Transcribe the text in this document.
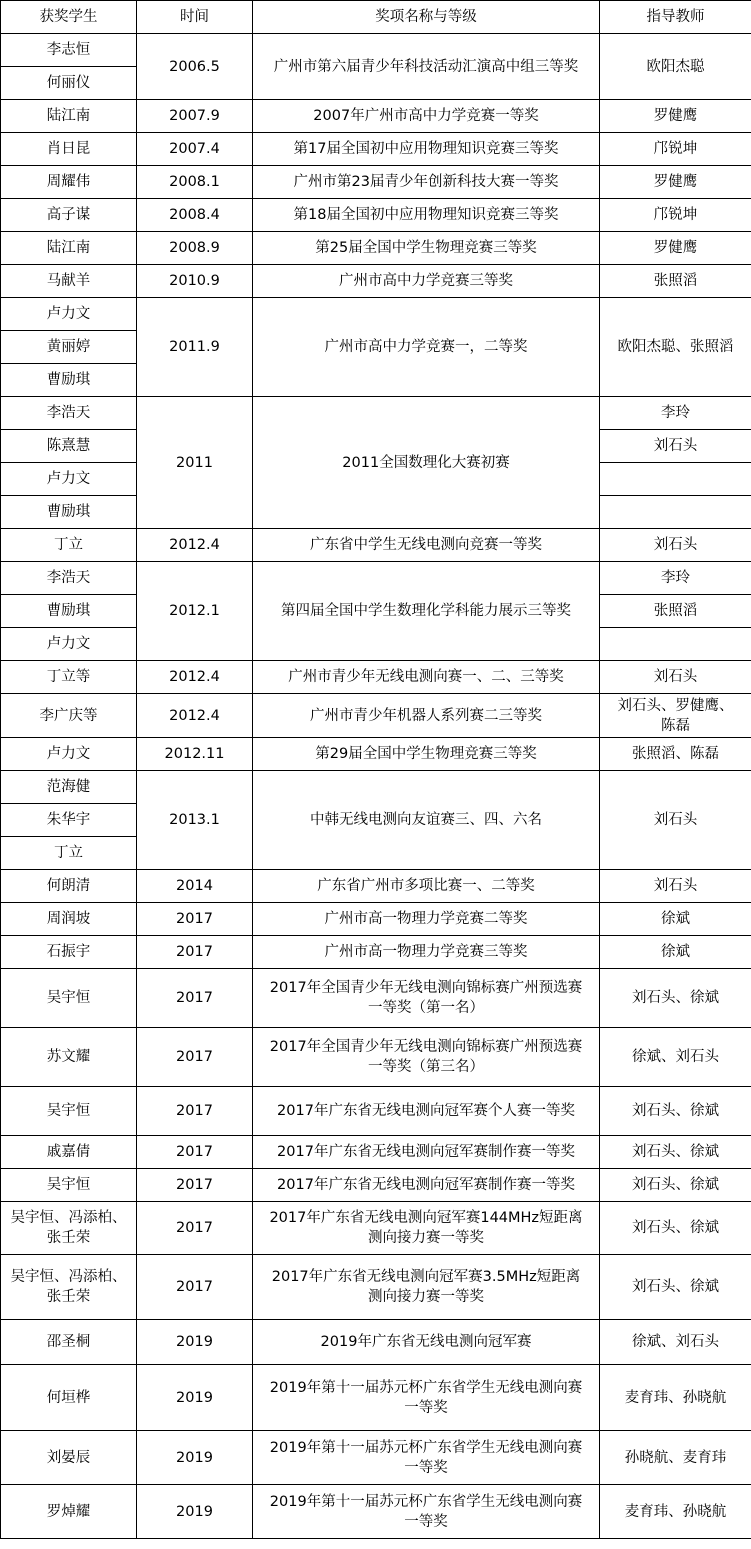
获奖学生	时间	奖项名称与等级	指导教师
李志恒	2006.5	广州市第六届青少年科技活动汇演高中组三等奖	欧阳杰聪
何丽仪			
陆江南	2007.9	2007年广州市高中力学竞赛一等奖	罗健鹰
肖日昆	2007.4	第17届全国初中应用物理知识竞赛三等奖	邝锐坤
周耀伟	2008.1	广州市第23届青少年创新科技大赛一等奖	罗健鹰
高子谋	2008.4	第18届全国初中应用物理知识竞赛三等奖	邝锐坤
陆江南	2008.9	第25届全国中学生物理竞赛三等奖	罗健鹰
马献羊	2010.9	广州市高中力学竞赛三等奖	张照滔
卢力文	2011.9	广州市高中力学竞赛一，二等奖	欧阳杰聪、张照滔
黄丽婷			
曹励琪			
李浩天	2011	2011全国数理化大赛初赛	李玲
陈熹慧			刘石头
卢力文			
曹励琪			
丁立	2012.4	广东省中学生无线电测向竞赛一等奖	刘石头
李浩天	2012.1	第四届全国中学生数理化学科能力展示三等奖	李玲
曹励琪			张照滔
卢力文			
丁立等	2012.4	广州市青少年无线电测向赛一、二、三等奖	刘石头
李广庆等	2012.4	广州市青少年机器人系列赛二三等奖	刘石头、罗健鹰、
陈磊
卢力文	2012.11	第29届全国中学生物理竞赛三等奖	张照滔、陈磊
范海健	2013.1	中韩无线电测向友谊赛三、四、六名	刘石头
朱华宇			
丁立			
何朗清	2014	广东省广州市多项比赛一、二等奖	刘石头
周润坡	2017	广州市高一物理力学竞赛二等奖	徐斌
石振宇	2017	广州市高一物理力学竞赛三等奖	徐斌
吴宇恒	2017	2017年全国青少年无线电测向锦标赛广州预选赛
一等奖（第一名）	刘石头、徐斌
苏文耀	2017	2017年全国青少年无线电测向锦标赛广州预选赛
一等奖（第三名）	徐斌、刘石头
吴宇恒	2017	2017年广东省无线电测向冠军赛个人赛一等奖	刘石头、徐斌
戚嘉倩	2017	2017年广东省无线电测向冠军赛制作赛一等奖	刘石头、徐斌
吴宇恒	2017	2017年广东省无线电测向冠军赛制作赛一等奖	刘石头、徐斌
吴宇恒、冯添柏、
张壬荣	2017	2017年广东省无线电测向冠军赛144MHz短距离
测向接力赛一等奖	刘石头、徐斌
吴宇恒、冯添柏、
张壬荣	2017	2017年广东省无线电测向冠军赛3.5MHz短距离
测向接力赛一等奖	刘石头、徐斌
邵圣桐	2019	2019年广东省无线电测向冠军赛	徐斌、刘石头
何垣桦	2019	2019年第十一届苏元杯广东省学生无线电测向赛
一等奖	麦育玮、孙晓航
刘晏辰	2019	2019年第十一届苏元杯广东省学生无线电测向赛
一等奖	孙晓航、麦育玮
罗焯耀	2019	2019年第十一届苏元杯广东省学生无线电测向赛
一等奖	麦育玮、孙晓航
